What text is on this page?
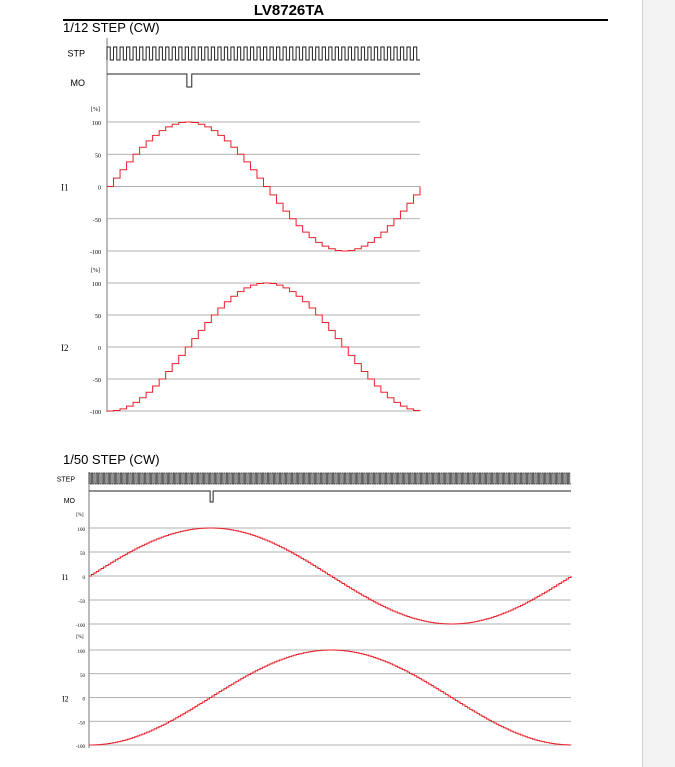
LV8726TA
1/12 STEP (CW)
1/50 STEP (CW)
STP
MO
[%]
100
50
0
-50
-100
I1
[%]
100
50
0
-50
-100
I2
STEP
MO
[%]
100
50
0
-50
-100
I1
[%]
100
50
0
-50
-100
I2
